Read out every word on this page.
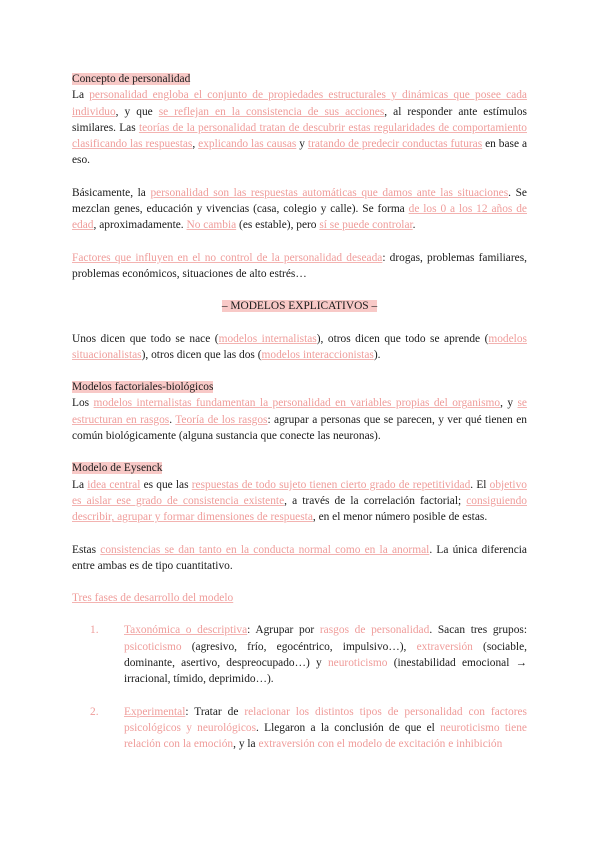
Concepto de personalidad

La personalidad engloba el conjunto de propiedades estructurales y dinámicas que posee cada individuo, y que se reflejan en la consistencia de sus acciones, al responder ante estímulos similares. Las teorías de la personalidad tratan de descubrir estas regularidades de comportamiento clasificando las respuestas, explicando las causas y tratando de predecir conductas futuras en base a eso.

Básicamente, la personalidad son las respuestas automáticas que damos ante las situaciones. Se mezclan genes, educación y vivencias (casa, colegio y calle). Se forma de los 0 a los 12 años de edad, aproximadamente. No cambia (es estable), pero sí se puede controlar.

Factores que influyen en el no control de la personalidad deseada: drogas, problemas familiares, problemas económicos, situaciones de alto estrés…

– MODELOS EXPLICATIVOS –

Unos dicen que todo se nace (modelos internalistas), otros dicen que todo se aprende (modelos situacionalistas), otros dicen que las dos (modelos interaccionistas).

Modelos factoriales-biológicos

Los modelos internalistas fundamentan la personalidad en variables propias del organismo, y se estructuran en rasgos. Teoría de los rasgos: agrupar a personas que se parecen, y ver qué tienen en común biológicamente (alguna sustancia que conecte las neuronas).

Modelo de Eysenck

La idea central es que las respuestas de todo sujeto tienen cierto grado de repetitividad. El objetivo es aislar ese grado de consistencia existente, a través de la correlación factorial; consiguiendo describir, agrupar y formar dimensiones de respuesta, en el menor número posible de estas.

Estas consistencias se dan tanto en la conducta normal como en la anormal. La única diferencia entre ambas es de tipo cuantitativo.

Tres fases de desarrollo del modelo

1. Taxonómica o descriptiva: Agrupar por rasgos de personalidad. Sacan tres grupos: psicoticismo (agresivo, frío, egocéntrico, impulsivo…), extraversión (sociable, dominante, asertivo, despreocupado…) y neuroticismo (inestabilidad emocional → irracional, tímido, deprimido…).
2. Experimental: Tratar de relacionar los distintos tipos de personalidad con factores psicológicos y neurológicos. Llegaron a la conclusión de que el neuroticismo tiene relación con la emoción, y la extraversión con el modelo de excitación e inhibición
